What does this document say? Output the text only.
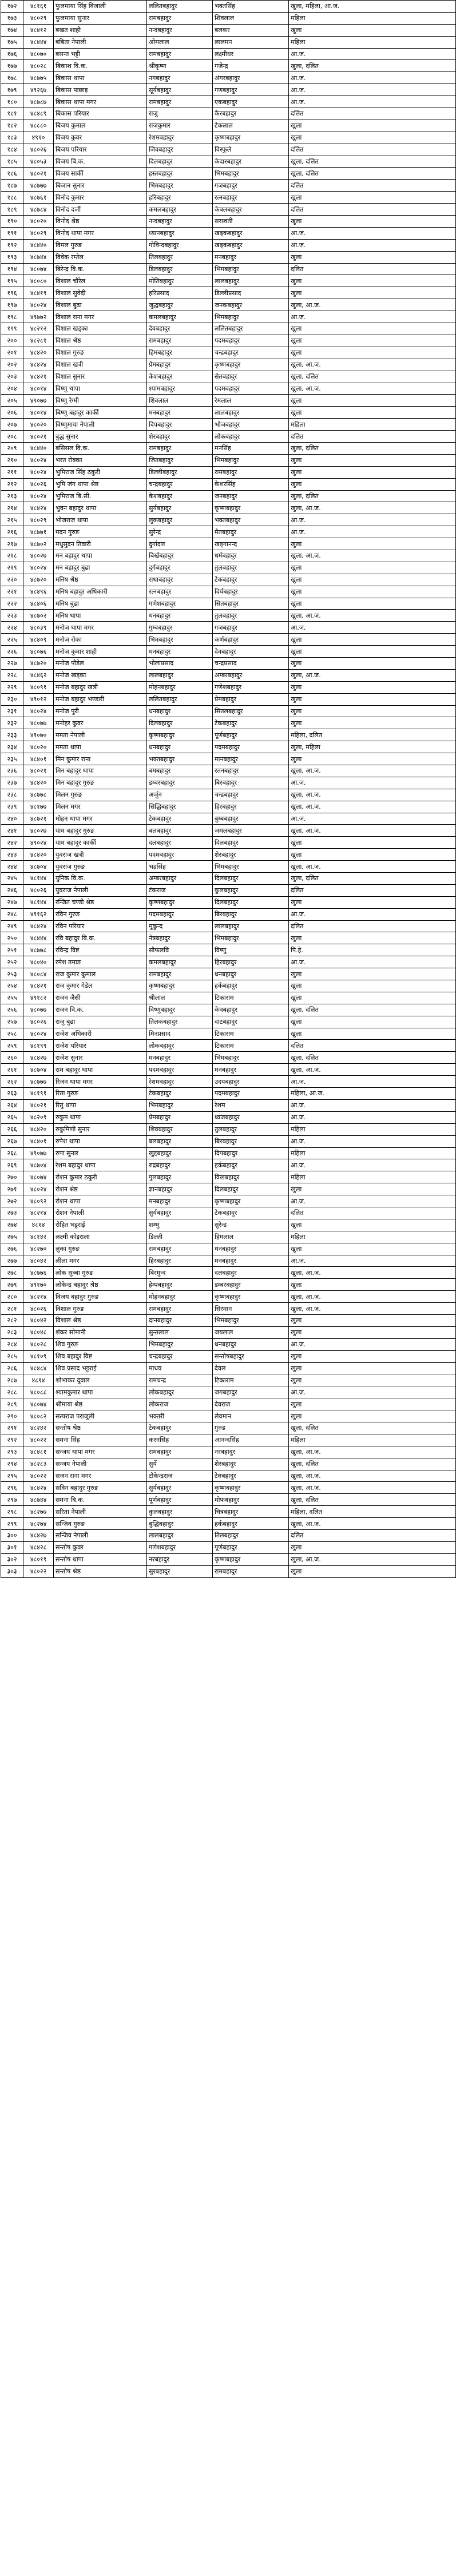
१७२	४८१६१	फुलमाया सिंह विजाली	ललितबहादुर	भक्तसिंह	खुला, महिला, आ.ज.
१७३	४८०२९	फुलमाया सुनार	रामबहादुर	शिवलाल	महिला
१७४	४८४१२	बखत शाही	नन्दबहादुर	बलकर	खुला
१७५	४८४४४	बबिता नेपाली	ओमलाल	लालमन	महिला
१७६	४८०७०	बसन्त भट्टी	रामबहादुर	लक्ष्मीधर	आ.ज.
१७७	४८०२८	बिकाश वि.क.	श्रीकृष्ण	गजेन्द्र	खुला, दलित
१७८	४८७७५	बिकास थापा	नगबहादुर	अंगरबहादुर	आ.ज.
१७९	४९२६७	बिकास पाछाइ	सूर्यबहादुर	गणबहादुर	आ.ज.
१८०	४८७८७	बिकास थापा मगर	रामबहादुर	एकबहादुर	आ.ज.
१८१	४८४८९	बिकास परियार	राजु	कैरबहादुर	दलित
१८२	४८८८०	बिजय कुमाल	राजकुमार	टेकलाल	खुला
१८३	४९१०	विजय कुवर	रेशमबहादुर	कृष्णबहादुर	खुला
१८४	४८०२६	बिजय परियार	जिवबहादुर	विस्फुले	दलित
१८५	४८०५३	विजय बि.क.	दिलबहादुर	केदारबहादुर	खुला, दलित
१८६	४८०२१	विजय सार्की	हस्तबहादुर	भिमबहादुर	खुला, दलित
१८७	४८७७७	बिजान सुनार	भिमबहादुर	गजबहादुर	दलित
१८८	४८७६१	विनोद कुमार	हरिबहादुर	रत्नबहादुर	खुला
१८९	४८७८४	विनोद दर्जी	कमलबहादुर	केबलबहादुर	दलित
१९०	४८०२०	विनोद श्रेष्ठ	नन्दबहादुर	सरस्वती	खुला
१९१	४८०२९	विनोद थापा मगर	ध्यानबहादुर	खड्कबहादुर	आ.ज.
१९२	४८४४०	विमल गुरुङ	गोविन्दबहादुर	खड्कबहादुर	आ.ज.
१९३	४८७४४	विवेक रम्तेल	तिलबहादुर	मनबहादुर	खुला
१९४	४८०७४	बिरेन्द्र वि.क.	डिलबहादुर	भिमबहादुर	दलित
१९५	४८०८०	विशाल चौरेल	मोतिबहादुर	लालबहादुर	खुला
१९६	४८४१९	विशाल सुवेदी	हरिप्रसाद	डिल्लीप्रसाद	खुला
१९७	४८०२४	विशाल बुढा	जुद्धबहादुर	जनकबहादुर	खुला, आ.ज.
१९८	४९७७२	विशाल राना मगर	कमलबहादुर	भिमबहादुर	आ.ज.
१९९	४८२१२	विशाल खड्का	देवबहादुर	ललितबहादुर	खुला
२००	४८२८१	विशाल श्रेष्ठ	रामबहादुर	पदमबहादुर	खुला
२०१	४८४२०	विशाल गुरुङ	हिमबहादुर	चन्द्रबहादुर	खुला
२०२	४८४२४	विशाल खत्री	प्रेमबहादुर	कृष्णबहादुर	खुला, आ.ज.
२०३	४८४२१	विशाल सुनार	केशबहादुर	सेतबहादुर	खुला, दलित
२०४	४८०१४	विष्णु थापा	श्यामबहादुर	पदमबहादुर	खुला, आ.ज.
२०५	४९०७७	विष्णु रेग्मी	शिवलाल	रेमलाल	खुला
२०६	४८०१४	बिष्णु बहादुर कार्की	मनबहादुर	लालबहादुर	खुला
२०७	४८०२०	विष्णुमाया नेपाली	दिपबहादुर	भोजबहादुर	महिला
२०८	४८०२१	बुद्ध सुनार	शेरबहादुर	लोकबहादुर	दलित
२०९	४८४४०	बसिसल वि.क.	रामबहादुर	मनसिंह	खुला, दलित
२१०	४८०२४	भरत रोक्का	जितबहादुर	भिमबहादुर	खुला
२११	४८०२४	भुमिराज सिंह ठकुरी	डिल्लीबहादुर	रामबहादुर	खुला
२१२	४८०२६	भुमि जंग थापा श्रेष्ठ	चन्द्रबहादुर	केशरसिंह	खुला
२१३	४८०२४	भुमिराज बि.सी.	केशबहादुर	जनबहादुर	खुला, दलित
२१४	४८४२४	भुवन बहादुर थापा	सुर्यबहादुर	कृष्णबहादुर	खुला, आ.ज.
२१५	४८०२९	भोजराज थापा	लुकबहादुर	भक्तबहादुर	आ.ज.
२१६	४८७७१	मदन गुरुङ	सुरेन्द्र	मैतबहादुर	आ.ज.
२१७	४८७०२	मधुसुदन तिवारी	दुर्गादत्त	खड्गानन्द	खुला
२१८	४८०२७	मन बहादुर थापा	बिर्खबहादुर	धर्मबहादुर	खुला, आ.ज.
२१९	४८०२४	मन बहादुर बुढा	दुर्गबहादुर	तुलबहादुर	खुला
२२०	४८७२०	मनिष श्रेष्ठ	राधाबहादुर	टेकबहादुर	खुला
२२१	४८४९६	मनिष बहादुर अधिकारी	रत्नबहादुर	दिर्घबहादुर	खुला
२२२	४८४०६	मनिष बुढा	गणेशबहादुर	सितबहादुर	खुला
२२३	४८७०२	मनिष थापा	धनबहादुर	तुलबहादुर	खुला, आ.ज.
२२४	४८०३९	मनोज थापा मगर	गुम्बबहादुर	गजबहादुर	आ.ज.
२२५	४८४०९	मनोज रोका	भिमबहादुर	कर्णबहादुर	खुला
२२६	४८०७६	मनोज कुमार शाही	धनबहादुर	देवबहादुर	खुला
२२७	४८७२०	मनोज पौडेल	भोलाप्रसाद	चन्द्रप्रसाद	खुला
२२८	४८४६२	मनोज खड्का	लालबहादुर	अम्बरबहादुर	खुला, आ.ज.
२२९	४८०९१	मनोज बहादुर खत्री	मोहनबहादुर	गणेशबहादुर	खुला
२३०	४९०१२	मनोज बहादुर भण्डारी	ललितबहादुर	प्रेमबहादुर	खुला
२३१	४८०२४	मनोज पुरी	धनबहादुर	सितलबहादुर	खुला
२३२	४८०७७	मनोहर कुवर	दिलबहादुर	टेकबहादुर	खुला
२३३	४९०७०	ममता नेपाली	कृष्णबहादुर	पूर्णबहादुर	महिला, दलित
२३४	४८०२०	ममता थापा	धनबहादुर	पदमबहादुर	खुला, महिला
२३५	४८४०१	मिन कुमार राना	भक्तबहादुर	मानबहादुर	खुला
२३६	४८०२१	मिन बहादुर थापा	बमबहादुर	रतनबहादुर	खुला, आ.ज.
२३७	४८४२०	मिन बहादुर गुरुङ	डम्बरबहादुर	बिरबहादुर	आ.ज.
२३८	४८७७८	मिलन गुरुङ	अर्जुन	चन्द्रबहादुर	खुला, आ.ज.
२३९	४८१७७	मिलन मगर	सिद्धिबहादुर	हिरबहादुर	खुला, आ.ज.
२४०	४८७२१	मोहन थापा मगर	टेकबहादुर	बुम्बबहादुर	आ.ज.
२४१	४८०२७	याम बहादुर गुरुङ	बलबहादुर	जमलबहादुर	खुला, आ.ज.
२४२	४९०२४	याम बहादुर कार्की	दलबहादुर	दिलबहादुर	खुला
२४३	४८४२०	युवराज खत्री	पदमबहादुर	शेरबहादुर	खुला
२४४	४८७०४	युवराज गुरुङ	भद्रसिंह	भिमबहादुर	खुला, आ.ज.
२४५	४८१४४	युनिक वि.क.	अम्बरबहादुर	दिलबहादुर	खुला, दलित
२४६	४८०२६	युवराज नेपाली	टंकराज	कुलबहादुर	दलित
२४७	४८१४४	रन्जित चण्डी श्रेष्ठ	कृष्णबहादुर	दिलबहादुर	खुला
२४८	४९१६२	रविन गुरुङ	पदमबहादुर	बिरबहादुर	आ.ज.
२४९	४८४२४	रविन परियार	मुकुन्द	लालबहादुर	दलित
२५०	४८४४४	रवि बहादुर बि.क.	नेत्रबहादुर	भिमबहादुर	खुला
२५१	४८७७८	रविन्द्र विष्ट	सौफलवि	विष्णु	पि.हे.
२५२	४८०४०	रमेश तमाङ	कमलबहादुर	हिरबहादुर	आ.ज.
२५३	४८०८४	राज कुमार कुमाल	रामबहादुर	धनबहादुर	खुला
२५४	४८४२१	राज कुमार गेडेल	कृष्णबहादुर	हर्कबहादुर	खुला
२५५	४९१८२	राजन जैसी	श्रीलाल	टिकाराम	खुला
२५६	४८०७७	राजन वि.क.	विष्णुबहादुर	केवबहादुर	खुला, दलित
२५७	४८०२६	राजु बुढा	तिलकबहादुर	दाटबहादुर	खुला
२५८	४८०२४	राजेश अधिकारी	मिनप्रसाद	टिकाराम	खुला
२५९	४८१९९	राजेश परियार	लोकबहादुर	टिकाराम	दलित
२६०	४८४२७	राजेश सुनार	मनबहादुर	भिमबहादुर	खुला, दलित
२६१	४८७०४	राम बहादुर थापा	पदमबहादुर	मनबहादुर	खुला, आ.ज.
२६२	४८७७७	रिजन थापा मगर	रेशमबहादुर	उदयबहादुर	आ.ज.
२६३	४८१९१	रिता गुरुङ	टेकबहादुर	पदमबहादुर	महिला, आ.ज.
२६४	४८०२१	रितु थापा	भिमबहादुर	रेशम	आ.ज.
२६५	४८२०९	रुकुम थापा	प्रेमबहादुर	ध्वजबहादुर	आ.ज.
२६६	४८४२०	रुकुमिणी सुनार	शिवबहादुर	तुलबहादुर	महिला
२६७	४८४०१	रुपेश थापा	बलबहादुर	बिरबहादुर	आ.ज.
२६८	४९०७७	रुपा सुनार	खुद्दबहादुर	दिपबहादुर	महिला
२६९	४८७०४	रेशम बहादुर थापा	रुद्रबहादुर	हर्कबहादुर	आ.ज.
२७०	४८०७४	रोशन कुमार ठकुरी	गुलबहादुर	विखबहादुर	महिला
२७१	४८०२४	रोशन श्रेष्ठ	ज्ञानबहादुर	दिलबहादुर	खुला
२७२	४८०९२	रोशन थापा	मनबहादुर	कृष्णबहादुर	आ.ज.
२७३	४८२१४	रोशन नेपाली	सुर्यबहादुर	टेकबहादुर	दलित
२७४	४८१४	रोहित भट्टराई	शम्भु	सुरेन्द्र	खुला
२७५	४८१४२	लक्ष्मी कोइराला	डिल्ली	हिमलाल	महिला
२७६	४८२७०	लुका गुरुङ	रामबहादुर	धनबहादुर	खुला
२७७	४८०४२	लीला मगर	हिरबहादुर	मनबहादुर	आ.ज.
२७८	४८७७६	लोक सुब्बा गुरुङ	बिरमुन्द	दलबहादुर	खुला, आ.ज.
२७९	४९१७०	लोकेन्द्र बहादुर श्रेष्ठ	हेम्पबहादुर	डम्बरबहादुर	खुला
२८०	४८२१४	विजय बहादुर गुरुङ	मोहनबहादुर	कृष्णबहादुर	खुला, आ.ज.
२८१	४८०२६	विशाल गुरुङ	रामबहादुर	सिरमान	खुला, आ.ज.
२८२	४८०४२	विशाल श्रेष्ठ	दानबहादुर	भिमबहादुर	खुला
२८३	४८०४८	शंकर सोमानी	सुन्तलाल	जयलाल	खुला
२८४	४८०२८	शिव गुरुङ	भिमबहादुर	धनबहादुर	आ.ज.
२८५	४८१०९	शिव बहादुर विष्ट	चन्द्रबहादुर	सन्तोषबहादुर	खुला
२८६	४८४८४	शिव प्रसाद भट्टराई	माधव	देवल	खुला
२८७	४८१४	शोभाकर दुवाल	रामचन्द्र	टिकाराम	खुला
२८८	४८०८८	श्यामकुमार थापा	लोकबहादुर	जगबहादुर	आ.ज.
२८९	४८०७४	श्रीमाया श्रेष्ठ	लोकराज	देवराज	खुला
२९०	४८०८२	सत्यराज पराजुली	भक्तरी	लेवमान	खुला
२९१	४८२४२	सन्तोष श्रेष्ठ	टेकबहादुर	गुरुड	खुला, दलित
२९२	४८०२२	समना सिंह	करनसिंह	आनन्दसिंह	महिला
२९३	४८४८१	सन्जय थापा मगर	रामबहादुर	नरबहादुर	खुला, आ.ज.
२९४	४८२८३	सन्जय नेपाली	सुर्ये	शेरबहादुर	खुला, दलित
२९५	४८०२२	सजन राना मगर	टोकेन्द्रराज	टेक्बहादुर	खुला, आ.ज.
२९६	४८४२४	सविन बहादुर गुरुङ	सुर्यबहादुर	कृष्णबहादुर	खुला, आ.ज.
२९७	४८७४४	समना बि.क.	पूर्णबहादुर	मोफबहादुर	खुला, दलित
२९८	४८२७७	सरिता नेपाली	कुलबहादुर	चित्रबहादुर	महिला, दलित
२९९	४८२७४	सन्जिव गुरुङ	बुद्धिबहादुर	हर्कबहादुर	खुला, आ.ज.
३००	४८४२७	सन्जिव नेपाली	लालबहादुर	तिलबहादुर	दलित
३०१	४८४२८	सन्तोष कुवर	गणेशबहादुर	पूर्णबहादुर	खुला
३०२	४८०१९	सन्तोष थापा	नरबहादुर	कृष्णबहादुर	खुला, आ.ज.
३०३	४८०२२	सन्तोष श्रेष्ठ	सुरबहादुर	रामबहादुर	खुला
